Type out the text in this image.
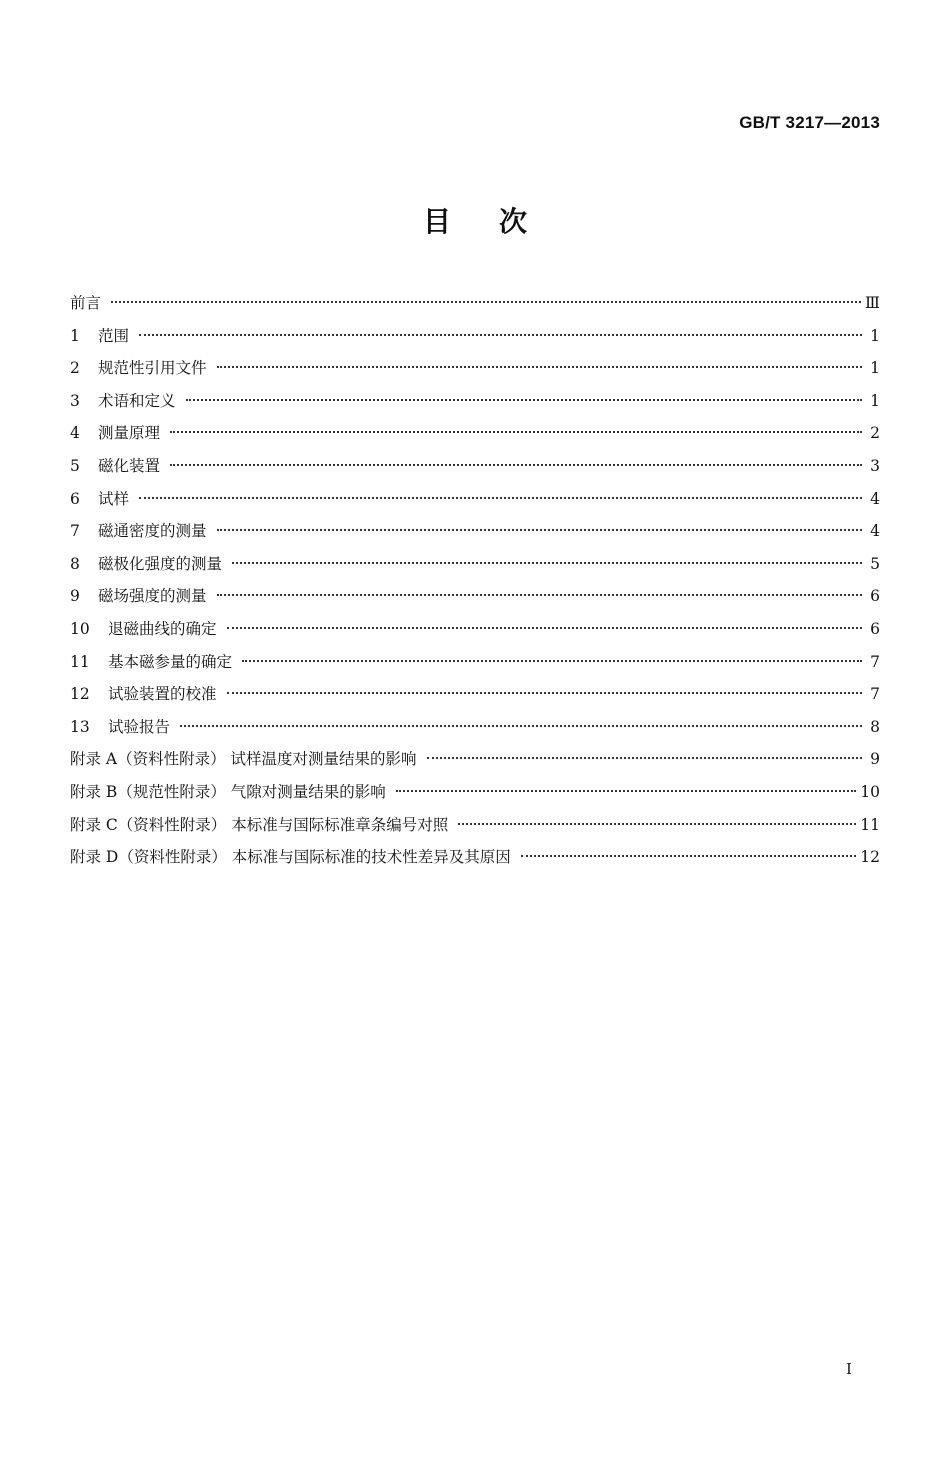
GB/T 3217—2013
目次
前言	Ⅲ
1	范围	1
2	规范性引用文件	1
3	术语和定义	1
4	测量原理	2
5	磁化装置	3
6	试样	4
7	磁通密度的测量	4
8	磁极化强度的测量	5
9	磁场强度的测量	6
10	退磁曲线的确定	6
11	基本磁参量的确定	7
12	试验装置的校准	7
13	试验报告	8
附录 A（资料性附录） 试样温度对测量结果的影响	9
附录 B（规范性附录） 气隙对测量结果的影响	10
附录 C（资料性附录） 本标准与国际标准章条编号对照	11
附录 D（资料性附录） 本标准与国际标准的技术性差异及其原因	12
I
